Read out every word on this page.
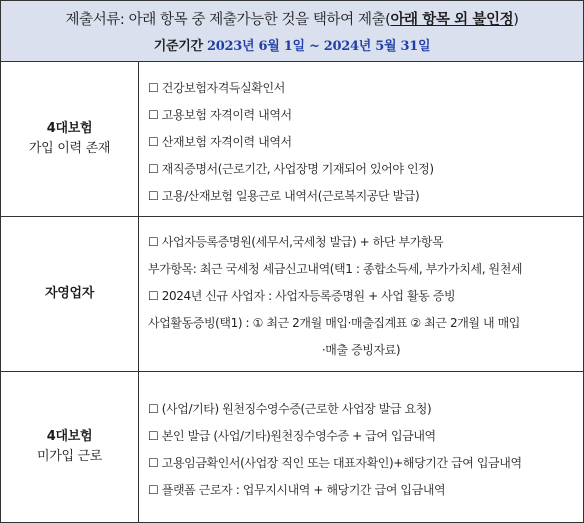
제출서류: 아래 항목 중 제출가능한 것을 택하여 제출(아래 항목 외 불인정)
기준기간 2023년 6월 1일 ~ 2024년 5월 31일
4대보험
가입 이력 존재
☐ 건강보험자격득실확인서
☐ 고용보험 자격이력 내역서
☐ 산재보험 자격이력 내역서
☐ 재직증명서(근로기간, 사업장명 기재되어 있어야 인정)
☐ 고용/산재보험 일용근로 내역서(근로복지공단 발급)
자영업자
☐ 사업자등록증명원(세무서,국세청 발급) + 하단 부가항목
부가항목: 최근 국세청 세금신고내역(택1 : 종합소득세, 부가가치세, 원천세
☐ 2024년 신규 사업자 : 사업자등록증명원 + 사업 활동 증빙
사업활동증빙(택1) : ① 최근 2개월 매입·매출집계표 ② 최근 2개월 내 매입
·매출 증빙자료)
4대보험
미가입 근로
☐ (사업/기타) 원천징수영수증(근로한 사업장 발급 요청)
☐ 본인 발급 (사업/기타)원천징수영수증 + 급여 입금내역
☐ 고용임금확인서(사업장 직인 또는 대표자확인)+해당기간 급여 입금내역
☐ 플랫폼 근로자 : 업무지시내역 + 해당기간 급여 입금내역
